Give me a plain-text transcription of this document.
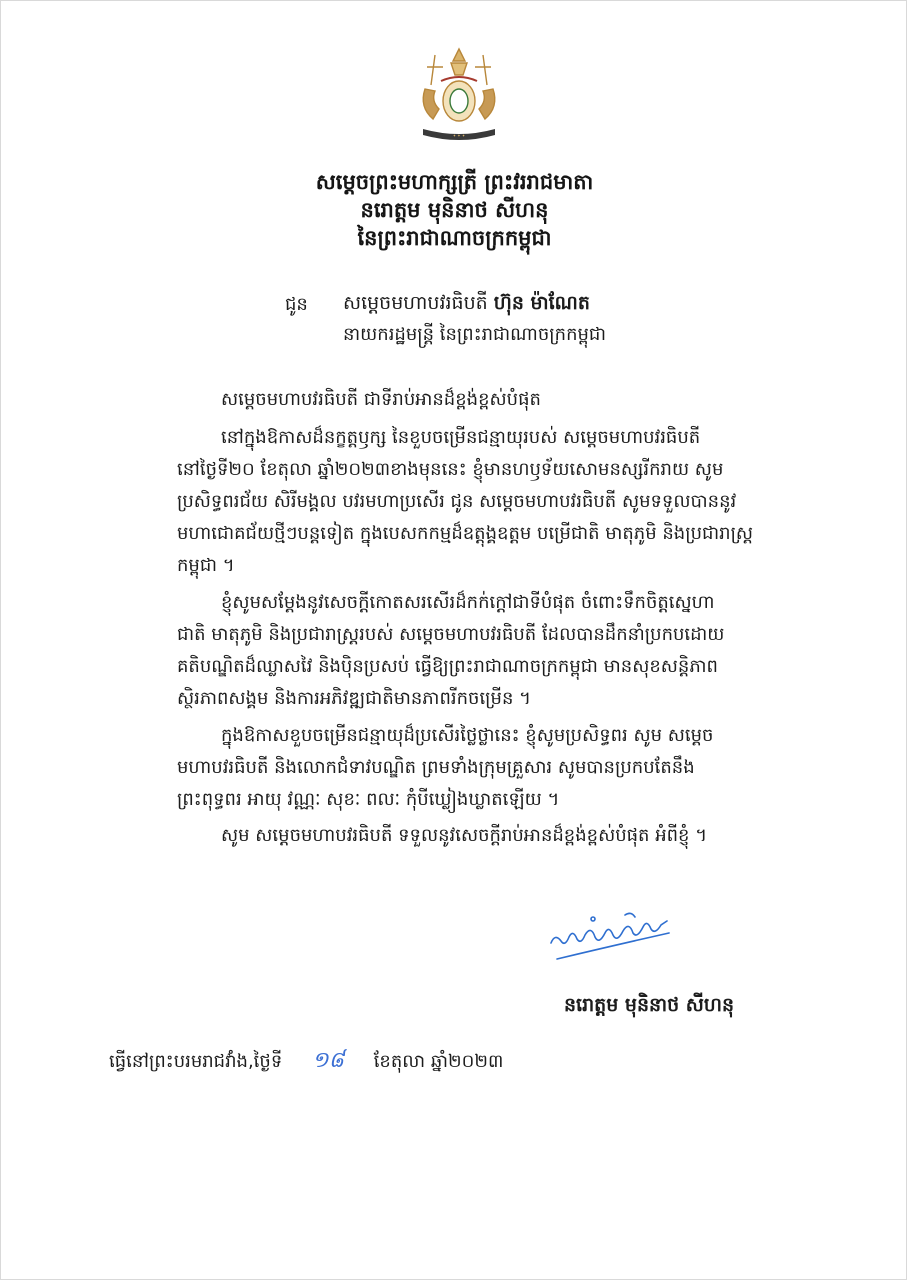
✦ ✦ ✦
សម្ដេចព្រះមហាក្សត្រី ព្រះវររាជមាតា
នរោត្តម មុនិនាថ សីហនុ
នៃព្រះរាជាណាចក្រកម្ពុជា
ជូន សម្ដេចមហាបវរធិបតី ហ៊ុន ម៉ាណែត
នាយករដ្ឋមន្ត្រី នៃព្រះរាជាណាចក្រកម្ពុជា
សម្ដេចមហាបវរធិបតី ជាទីរាប់អានដ៏ខ្ពង់ខ្ពស់បំផុត
នៅក្នុងឱកាសដ៏នក្ខត្តឫក្ស នៃខួបចម្រើនជន្មាយុរបស់ សម្ដេចមហាបវរធិបតី
នៅថ្ងៃទី២០ ខែតុលា ឆ្នាំ២០២៣ខាងមុននេះ ខ្ញុំមានហឫទ័យសោមនស្សរីករាយ សូម
ប្រសិទ្ធពរជ័យ សិរីមង្គល បវរមហាប្រសើរ ជូន សម្ដេចមហាបវរធិបតី សូមទទួលបាននូវ
មហាជោគជ័យថ្មីៗបន្តទៀត ក្នុងបេសកកម្មដ៏ឧត្តុង្គឧត្តម បម្រើជាតិ មាតុភូមិ និងប្រជារាស្ត្រ
កម្ពុជា ។
ខ្ញុំសូមសម្ដែងនូវសេចក្ដីកោតសរសើរដ៏កក់ក្ដៅជាទីបំផុត ចំពោះទឹកចិត្តស្នេហា
ជាតិ មាតុភូមិ និងប្រជារាស្ត្ររបស់ សម្ដេចមហាបវរធិបតី ដែលបានដឹកនាំប្រកបដោយ
គតិបណ្ឌិតដ៏ឈ្លាសវៃ និងប៉ិនប្រសប់ ធ្វើឱ្យព្រះរាជាណាចក្រកម្ពុជា មានសុខសន្តិភាព
ស្ថិរភាពសង្គម និងការអភិវឌ្ឍជាតិមានភាពរីកចម្រើន ។
ក្នុងឱកាសខួបចម្រើនជន្មាយុដ៏ប្រសើរថ្លៃថ្លានេះ ខ្ញុំសូមប្រសិទ្ធពរ សូម សម្ដេច
មហាបវរធិបតី និងលោកជំទាវបណ្ឌិត ព្រមទាំងក្រុមគ្រួសារ សូមបានប្រកបតែនឹង
ព្រះពុទ្ធពរ អាយុ វណ្ណៈ សុខៈ ពលៈ កុំបីឃ្លៀងឃ្លាតឡើយ ។
សូម សម្ដេចមហាបវរធិបតី ទទួលនូវសេចក្ដីរាប់អានដ៏ខ្ពង់ខ្ពស់បំផុត អំពីខ្ញុំ ។
នរោត្តម មុនិនាថ សីហនុ
ធ្វើនៅព្រះបរមរាជវាំង,ថ្ងៃទី ១៨ ខែតុលា ឆ្នាំ២០២៣
